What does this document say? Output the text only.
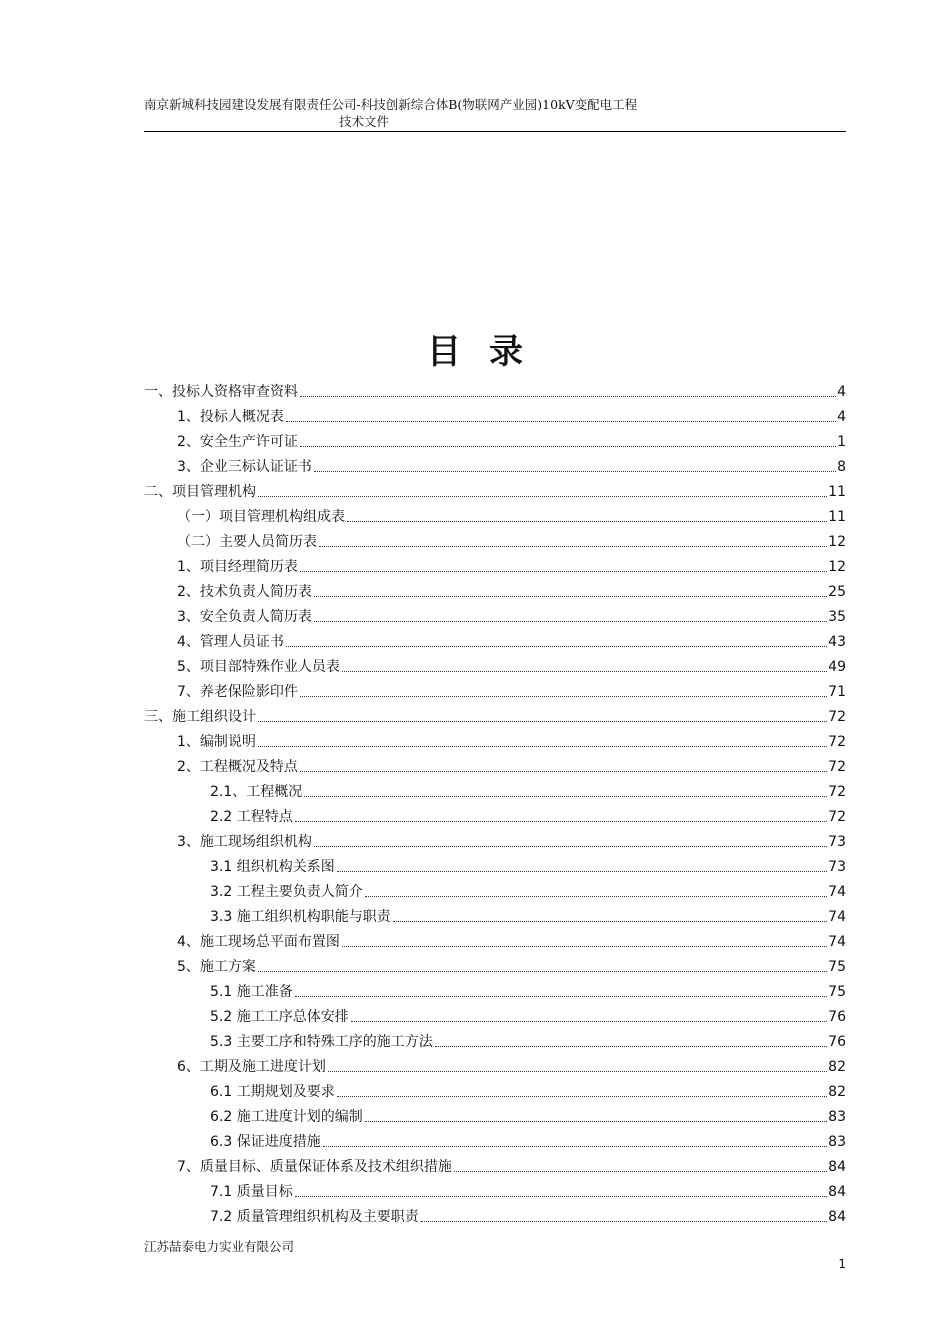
南京新城科技园建设发展有限责任公司-科技创新综合体B(物联网产业园)10kV变配电工程
技术文件
目录
一、投标人资格审查资料	4
1、投标人概况表	4
2、安全生产许可证	1
3、企业三标认证证书	8
二、项目管理机构	11
（一）项目管理机构组成表	11
（二）主要人员简历表	12
1、项目经理简历表	12
2、技术负责人简历表	25
3、安全负责人简历表	35
4、管理人员证书	43
5、项目部特殊作业人员表	49
7、养老保险影印件	71
三、施工组织设计	72
1、编制说明	72
2、工程概况及特点	72
2.1、工程概况	72
2.2 工程特点	72
3、施工现场组织机构	73
3.1 组织机构关系图	73
3.2 工程主要负责人简介	74
3.3 施工组织机构职能与职责	74
4、施工现场总平面布置图	74
5、施工方案	75
5.1 施工准备	75
5.2 施工工序总体安排	76
5.3 主要工序和特殊工序的施工方法	76
6、工期及施工进度计划	82
6.1 工期规划及要求	82
6.2 施工进度计划的编制	83
6.3 保证进度措施	83
7、质量目标、质量保证体系及技术组织措施	84
7.1 质量目标	84
7.2 质量管理组织机构及主要职责	84
江苏喆泰电力实业有限公司
1
